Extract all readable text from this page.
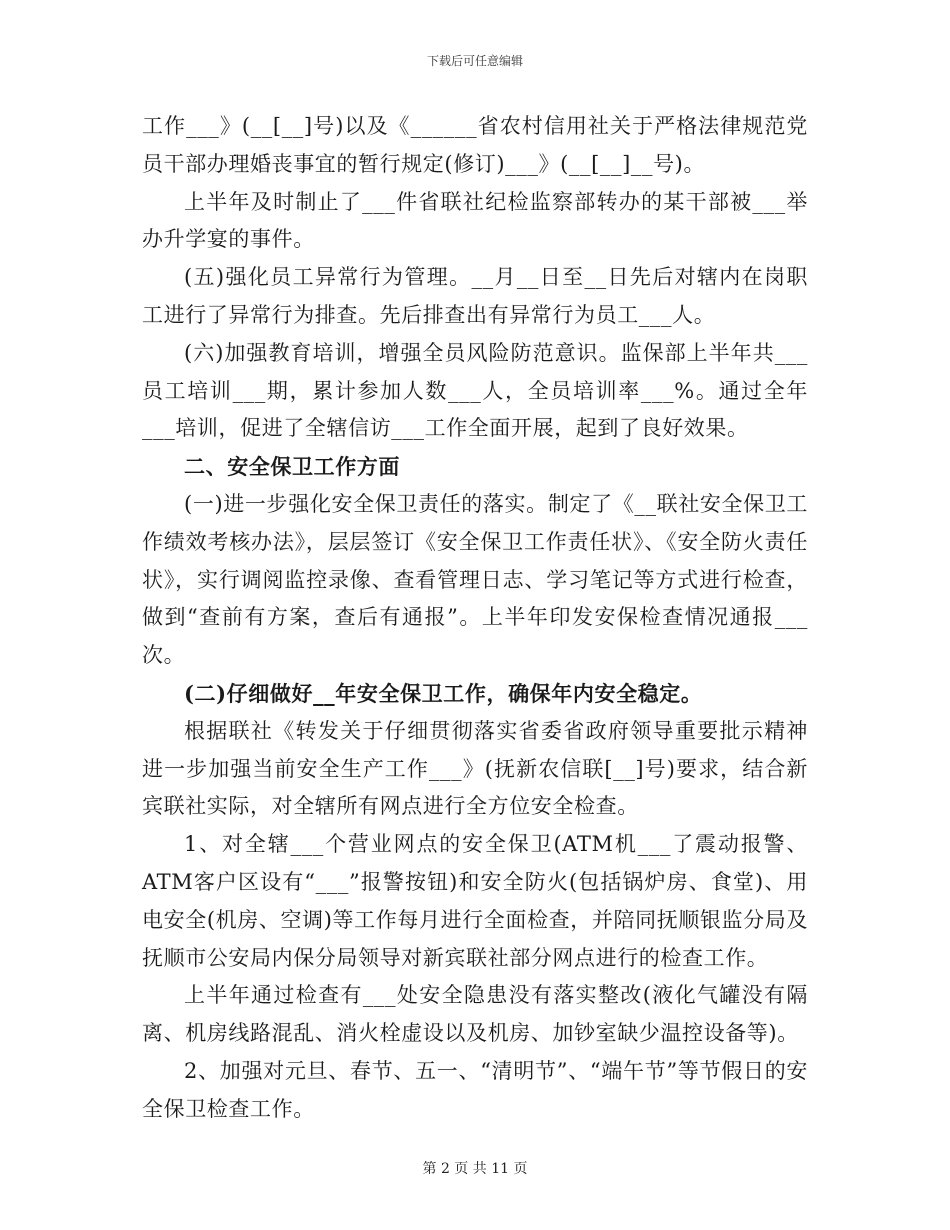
下载后可任意编辑

工作___》(__[__]号)以及《______省农村信用社关于严格法律规范党员干部办理婚丧事宜的暂行规定(修订)___》(__[__]__号)。

上半年及时制止了___件省联社纪检监察部转办的某干部被___举办升学宴的事件。

(五)强化员工异常行为管理。__月__日至__日先后对辖内在岗职工进行了异常行为排查。先后排查出有异常行为员工___人。

(六)加强教育培训，增强全员风险防范意识。监保部上半年共___员工培训___期，累计参加人数___人，全员培训率___%。通过全年___培训，促进了全辖信访___工作全面开展，起到了良好效果。

二、安全保卫工作方面

(一)进一步强化安全保卫责任的落实。制定了《__联社安全保卫工作绩效考核办法》，层层签订《安全保卫工作责任状》、《安全防火责任状》，实行调阅监控录像、查看管理日志、学习笔记等方式进行检查，做到“查前有方案，查后有通报”。上半年印发安保检查情况通报___次。

(二)仔细做好__年安全保卫工作，确保年内安全稳定。

根据联社《转发关于仔细贯彻落实省委省政府领导重要批示精神进一步加强当前安全生产工作___》(抚新农信联[__]号)要求，结合新宾联社实际，对全辖所有网点进行全方位安全检查。

1、对全辖___个营业网点的安全保卫(ATM机___了震动报警、ATM客户区设有“___”报警按钮)和安全防火(包括锅炉房、食堂)、用电安全(机房、空调)等工作每月进行全面检查，并陪同抚顺银监分局及抚顺市公安局内保分局领导对新宾联社部分网点进行的检查工作。

上半年通过检查有___处安全隐患没有落实整改(液化气罐没有隔离、机房线路混乱、消火栓虚设以及机房、加钞室缺少温控设备等)。

2、加强对元旦、春节、五一、“清明节”、“端午节”等节假日的安全保卫检查工作。

第 2 页 共 11 页
